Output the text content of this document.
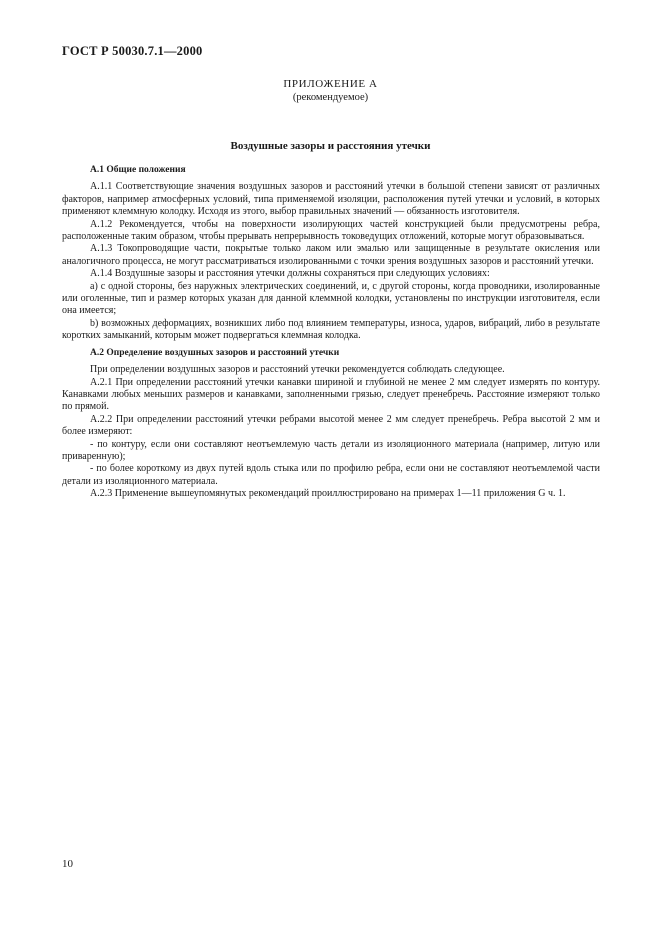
ГОСТ Р 50030.7.1—2000
ПРИЛОЖЕНИЕ А
(рекомендуемое)
Воздушные зазоры и расстояния утечки
А.1 Общие положения

А.1.1 Соответствующие значения воздушных зазоров и расстояний утечки в большой степени зависят от различных факторов, например атмосферных условий, типа применяемой изоляции, расположения путей утечки и условий, в которых применяют клеммную колодку. Исходя из этого, выбор правильных значений — обязанность изготовителя.

А.1.2 Рекомендуется, чтобы на поверхности изолирующих частей конструкцией были предусмотрены ребра, расположенные таким образом, чтобы прерывать непрерывность токоведущих отложений, которые могут образовываться.

А.1.3 Токопроводящие части, покрытые только лаком или эмалью или защищенные в результате окисления или аналогичного процесса, не могут рассматриваться изолированными с точки зрения воздушных зазоров и расстояний утечки.

А.1.4 Воздушные зазоры и расстояния утечки должны сохраняться при следующих условиях:

а) с одной стороны, без наружных электрических соединений, и, с другой стороны, когда проводники, изолированные или оголенные, тип и размер которых указан для данной клеммной колодки, установлены по инструкции изготовителя, если она имеется;

b) возможных деформациях, возникших либо под влиянием температуры, износа, ударов, вибраций, либо в результате коротких замыканий, которым может подвергаться клеммная колодка.

А.2 Определение воздушных зазоров и расстояний утечки

При определении воздушных зазоров и расстояний утечки рекомендуется соблюдать следующее.

А.2.1 При определении расстояний утечки канавки шириной и глубиной не менее 2 мм следует измерять по контуру. Канавками любых меньших размеров и канавками, заполненными грязью, следует пренебречь. Расстояние измеряют только по прямой.

А.2.2 При определении расстояний утечки ребрами высотой менее 2 мм следует пренебречь. Ребра высотой 2 мм и более измеряют:

- по контуру, если они составляют неотъемлемую часть детали из изоляционного материала (например, литую или приваренную);

- по более короткому из двух путей вдоль стыка или по профилю ребра, если они не составляют неотъемлемой части детали из изоляционного материала.

А.2.3 Применение вышеупомянутых рекомендаций проиллюстрировано на примерах 1—11 приложения G ч. 1.

10
